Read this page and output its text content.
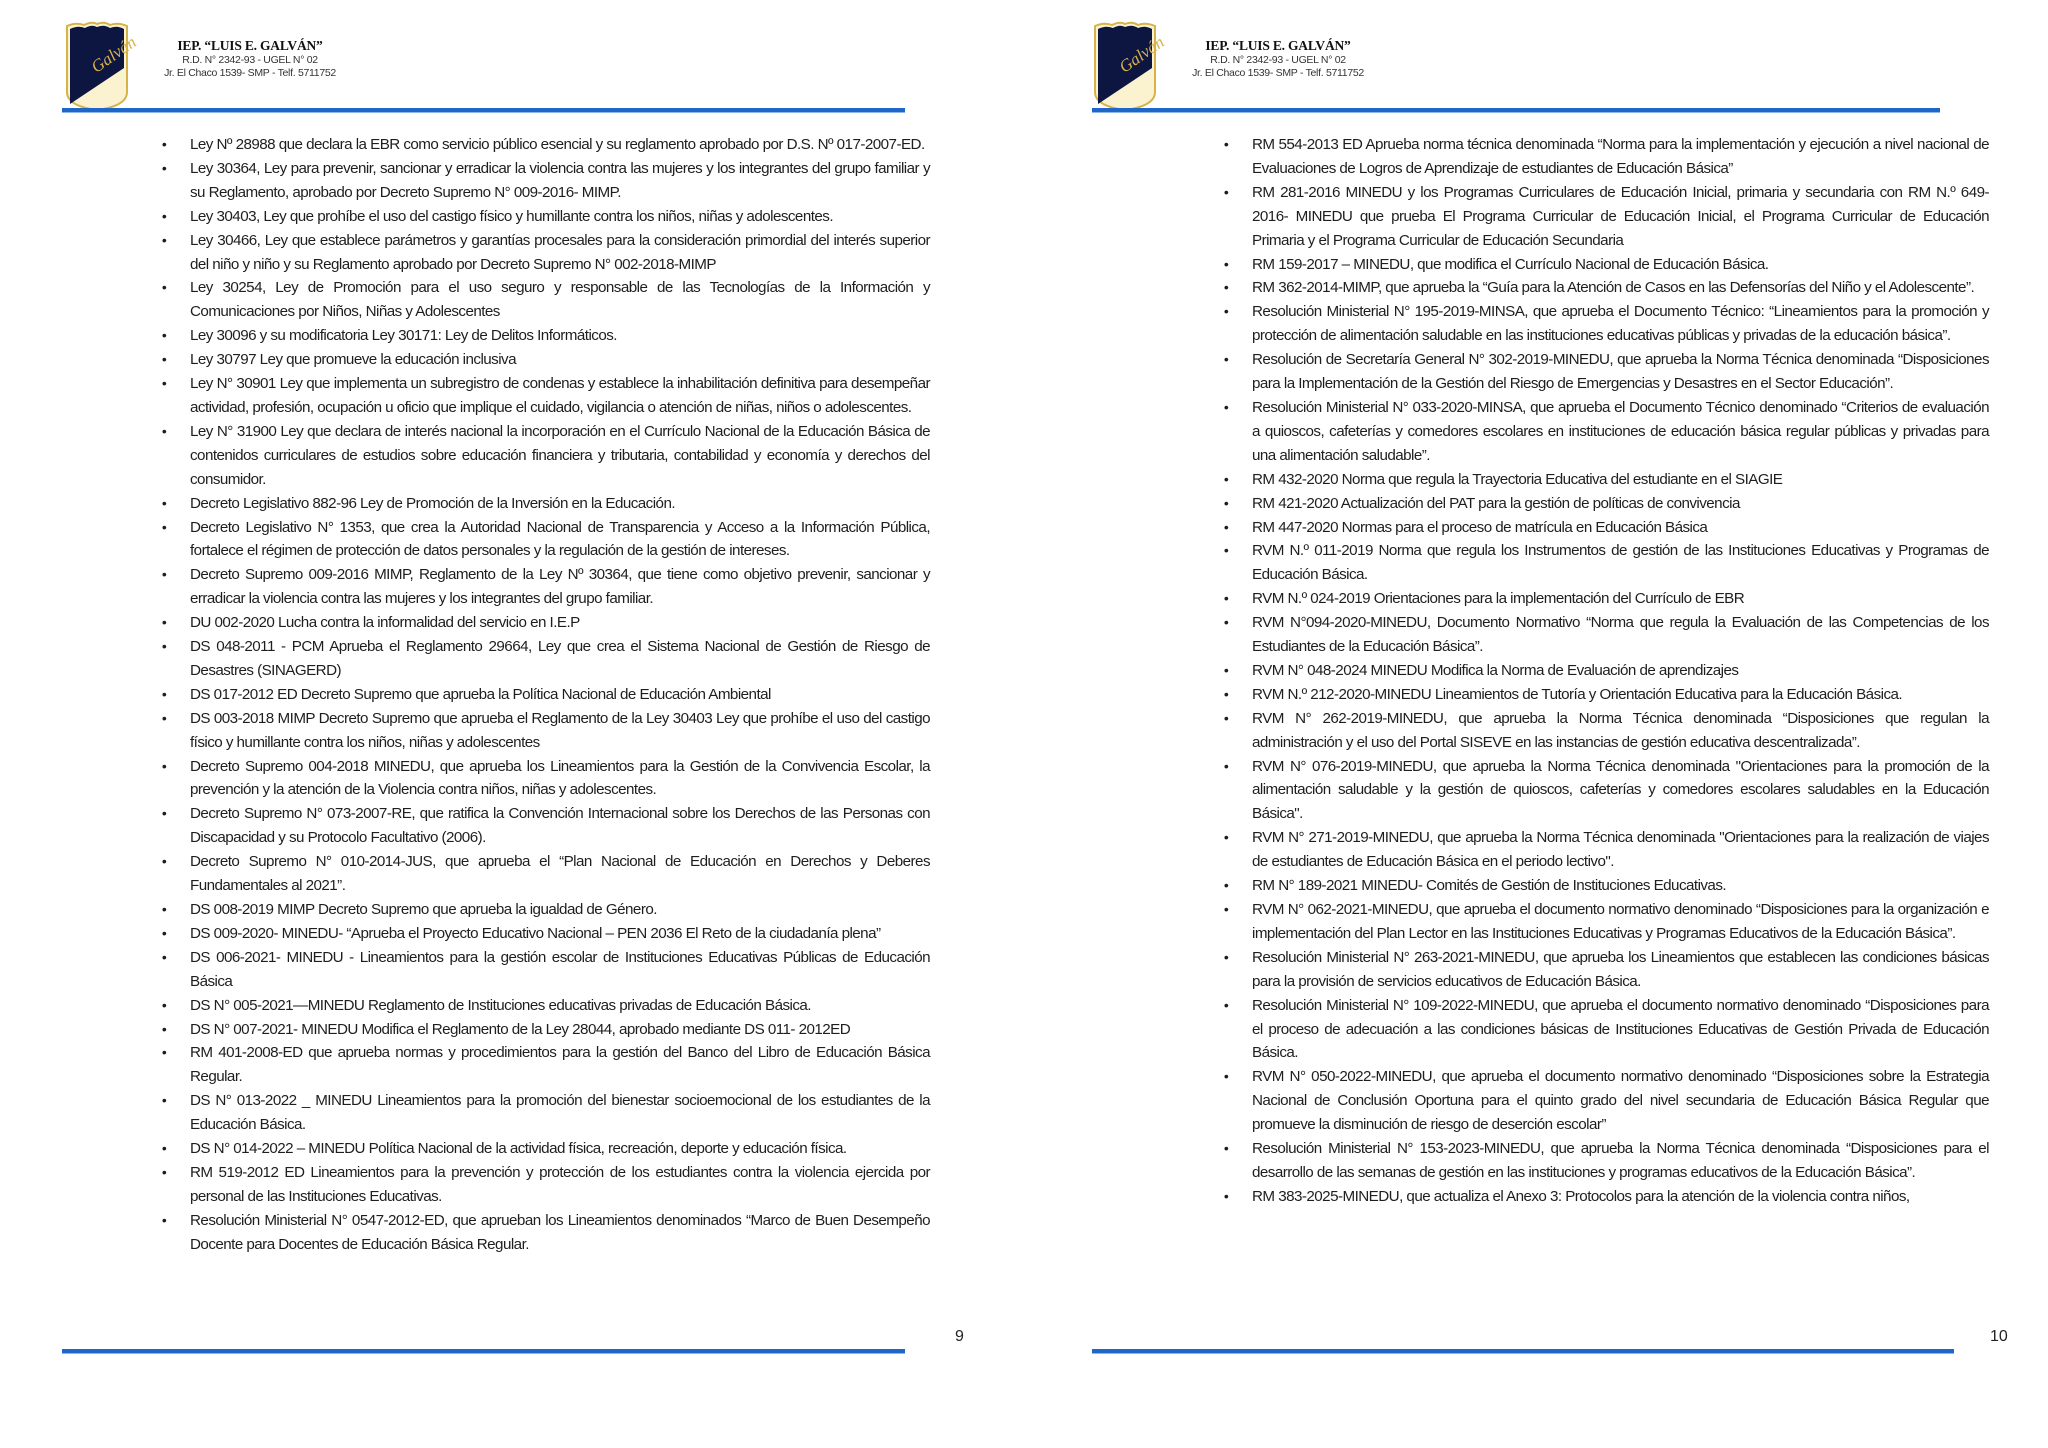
Galván	IEP. “LUIS E. GALVÁN”
R.D. N° 2342-93 - UGEL N° 02
Jr. El Chaco 1539- SMP - Telf. 5711752
• Ley Nº 28988 que declara la EBR como servicio público esencial y su reglamento aprobado por D.S. Nº 017-2007-ED.
• Ley 30364, Ley para prevenir, sancionar y erradicar la violencia contra las mujeres y los integrantes del grupo familiar y su Reglamento, aprobado por Decreto Supremo N° 009-2016- MIMP.
• Ley 30403, Ley que prohíbe el uso del castigo físico y humillante contra los niños, niñas y adolescentes.
• Ley 30466, Ley que establece parámetros y garantías procesales para la consideración primordial del interés superior del niño y niño y su Reglamento aprobado por Decreto Supremo N° 002-2018-MIMP
• Ley 30254, Ley de Promoción para el uso seguro y responsable de las Tecnologías de la Información y Comunicaciones por Niños, Niñas y Adolescentes
• Ley 30096 y su modificatoria Ley 30171: Ley de Delitos Informáticos.
• Ley 30797 Ley que promueve la educación inclusiva
• Ley N° 30901 Ley que implementa un subregistro de condenas y establece la inhabilitación definitiva para desempeñar actividad, profesión, ocupación u oficio que implique el cuidado, vigilancia o atención de niñas, niños o adolescentes.
• Ley N° 31900 Ley que declara de interés nacional la incorporación en el Currículo Nacional de la Educación Básica de contenidos curriculares de estudios sobre educación financiera y tributaria, contabilidad y economía y derechos del consumidor.
• Decreto Legislativo 882-96 Ley de Promoción de la Inversión en la Educación.
• Decreto Legislativo N° 1353, que crea la Autoridad Nacional de Transparencia y Acceso a la Información Pública, fortalece el régimen de protección de datos personales y la regulación de la gestión de intereses.
• Decreto Supremo 009-2016 MIMP, Reglamento de la Ley Nº 30364, que tiene como objetivo prevenir, sancionar y erradicar la violencia contra las mujeres y los integrantes del grupo familiar.
• DU 002-2020 Lucha contra la informalidad del servicio en I.E.P
• DS 048-2011 - PCM Aprueba el Reglamento 29664, Ley que crea el Sistema Nacional de Gestión de Riesgo de Desastres (SINAGERD)
• DS 017-2012 ED Decreto Supremo que aprueba la Política Nacional de Educación Ambiental
• DS 003-2018 MIMP Decreto Supremo que aprueba el Reglamento de la Ley 30403 Ley que prohíbe el uso del castigo físico y humillante contra los niños, niñas y adolescentes
• Decreto Supremo 004-2018 MINEDU, que aprueba los Lineamientos para la Gestión de la Convivencia Escolar, la prevención y la atención de la Violencia contra niños, niñas y adolescentes.
• Decreto Supremo N° 073-2007-RE, que ratifica la Convención Internacional sobre los Derechos de las Personas con Discapacidad y su Protocolo Facultativo (2006).
• Decreto Supremo N° 010-2014-JUS, que aprueba el “Plan Nacional de Educación en Derechos y Deberes Fundamentales al 2021”.
• DS 008-2019 MIMP Decreto Supremo que aprueba la igualdad de Género.
• DS 009-2020- MINEDU- “Aprueba el Proyecto Educativo Nacional – PEN 2036 El Reto de la ciudadanía plena”
• DS 006-2021- MINEDU - Lineamientos para la gestión escolar de Instituciones Educativas Públicas de Educación Básica
• DS N° 005-2021—MINEDU Reglamento de Instituciones educativas privadas de Educación Básica.
• DS N° 007-2021- MINEDU Modifica el Reglamento de la Ley 28044, aprobado mediante DS 011- 2012ED
• RM 401-2008-ED que aprueba normas y procedimientos para la gestión del Banco del Libro de Educación Básica Regular.
• DS N° 013-2022 _ MINEDU Lineamientos para la promoción del bienestar socioemocional de los estudiantes de la Educación Básica.
• DS N° 014-2022 – MINEDU Política Nacional de la actividad física, recreación, deporte y educación física.
• RM 519-2012 ED Lineamientos para la prevención y protección de los estudiantes contra la violencia ejercida por personal de las Instituciones Educativas.
• Resolución Ministerial N° 0547-2012-ED, que aprueban los Lineamientos denominados “Marco de Buen Desempeño Docente para Docentes de Educación Básica Regular.
9
Galván	IEP. “LUIS E. GALVÁN”
R.D. N° 2342-93 - UGEL N° 02
Jr. El Chaco 1539- SMP - Telf. 5711752
• RM 554-2013 ED Aprueba norma técnica denominada “Norma para la implementación y ejecución a nivel nacional de Evaluaciones de Logros de Aprendizaje de estudiantes de Educación Básica”
• RM 281-2016 MINEDU y los Programas Curriculares de Educación Inicial, primaria y secundaria con RM N.º 649-2016- MINEDU que prueba El Programa Curricular de Educación Inicial, el Programa Curricular de Educación Primaria y el Programa Curricular de Educación Secundaria
• RM 159-2017 – MINEDU, que modifica el Currículo Nacional de Educación Básica.
• RM 362-2014-MIMP, que aprueba la “Guía para la Atención de Casos en las Defensorías del Niño y el Adolescente”.
• Resolución Ministerial N° 195-2019-MINSA, que aprueba el Documento Técnico: “Lineamientos para la promoción y protección de alimentación saludable en las instituciones educativas públicas y privadas de la educación básica”.
• Resolución de Secretaría General N° 302-2019-MINEDU, que aprueba la Norma Técnica denominada “Disposiciones para la Implementación de la Gestión del Riesgo de Emergencias y Desastres en el Sector Educación”.
• Resolución Ministerial N° 033-2020-MINSA, que aprueba el Documento Técnico denominado “Criterios de evaluación a quioscos, cafeterías y comedores escolares en instituciones de educación básica regular públicas y privadas para una alimentación saludable”.
• RM 432-2020 Norma que regula la Trayectoria Educativa del estudiante en el SIAGIE
• RM 421-2020 Actualización del PAT para la gestión de políticas de convivencia
• RM 447-2020 Normas para el proceso de matrícula en Educación Básica
• RVM N.º 011-2019 Norma que regula los Instrumentos de gestión de las Instituciones Educativas y Programas de Educación Básica.
• RVM N.º 024-2019 Orientaciones para la implementación del Currículo de EBR
• RVM N°094-2020-MINEDU, Documento Normativo “Norma que regula la Evaluación de las Competencias de los Estudiantes de la Educación Básica”.
• RVM N° 048-2024 MINEDU Modifica la Norma de Evaluación de aprendizajes
• RVM N.º 212-2020-MINEDU Lineamientos de Tutoría y Orientación Educativa para la Educación Básica.
• RVM N° 262-2019-MINEDU, que aprueba la Norma Técnica denominada “Disposiciones que regulan la administración y el uso del Portal SISEVE en las instancias de gestión educativa descentralizada”.
• RVM N° 076-2019-MINEDU, que aprueba la Norma Técnica denominada "Orientaciones para la promoción de la alimentación saludable y la gestión de quioscos, cafeterías y comedores escolares saludables en la Educación Básica".
• RVM N° 271-2019-MINEDU, que aprueba la Norma Técnica denominada "Orientaciones para la realización de viajes de estudiantes de Educación Básica en el periodo lectivo".
• RM N° 189-2021 MINEDU- Comités de Gestión de Instituciones Educativas.
• RVM N° 062-2021-MINEDU, que aprueba el documento normativo denominado “Disposiciones para la organización e implementación del Plan Lector en las Instituciones Educativas y Programas Educativos de la Educación Básica”.
• Resolución Ministerial N° 263-2021-MINEDU, que aprueba los Lineamientos que establecen las condiciones básicas para la provisión de servicios educativos de Educación Básica.
• Resolución Ministerial N° 109-2022-MINEDU, que aprueba el documento normativo denominado “Disposiciones para el proceso de adecuación a las condiciones básicas de Instituciones Educativas de Gestión Privada de Educación Básica.
• RVM N° 050-2022-MINEDU, que aprueba el documento normativo denominado “Disposiciones sobre la Estrategia Nacional de Conclusión Oportuna para el quinto grado del nivel secundaria de Educación Básica Regular que promueve la disminución de riesgo de deserción escolar”
• Resolución Ministerial N° 153-2023-MINEDU, que aprueba la Norma Técnica denominada “Disposiciones para el desarrollo de las semanas de gestión en las instituciones y programas educativos de la Educación Básica”.
• RM 383-2025-MINEDU, que actualiza el Anexo 3: Protocolos para la atención de la violencia contra niños,
10
